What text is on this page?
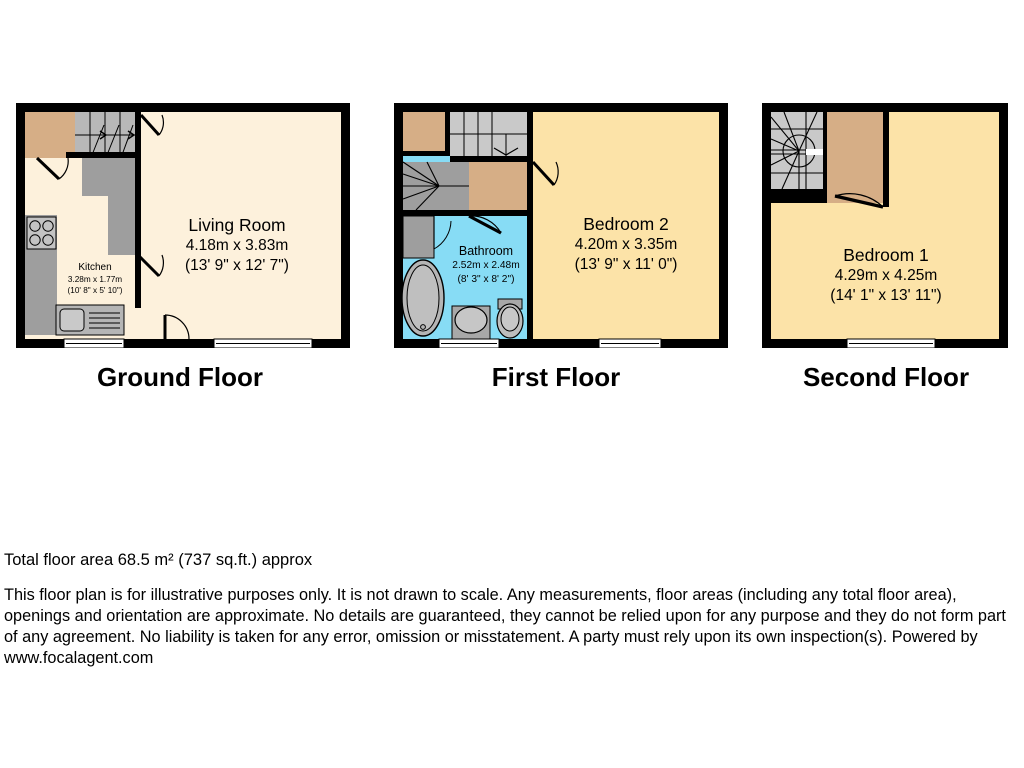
Living Room
4.18m x 3.83m
(13' 9" x 12' 7")
Kitchen
3.28m x 1.77m
(10' 8" x 5' 10")
Bedroom 2
4.20m x 3.35m
(13' 9" x 11' 0")
Bathroom
2.52m x 2.48m
(8' 3" x 8' 2")
Bedroom 1
4.29m x 4.25m
(14' 1" x 13' 11")
Ground Floor	First Floor	Second Floor

Total floor area 68.5 m² (737 sq.ft.) approx

This floor plan is for illustrative purposes only. It is not drawn to scale. Any measurements, floor areas (including any total floor area), openings and orientation are approximate. No details are guaranteed, they cannot be relied upon for any purpose and they do not form part of any agreement. No liability is taken for any error, omission or misstatement. A party must rely upon its own inspection(s). Powered by www.focalagent.com
